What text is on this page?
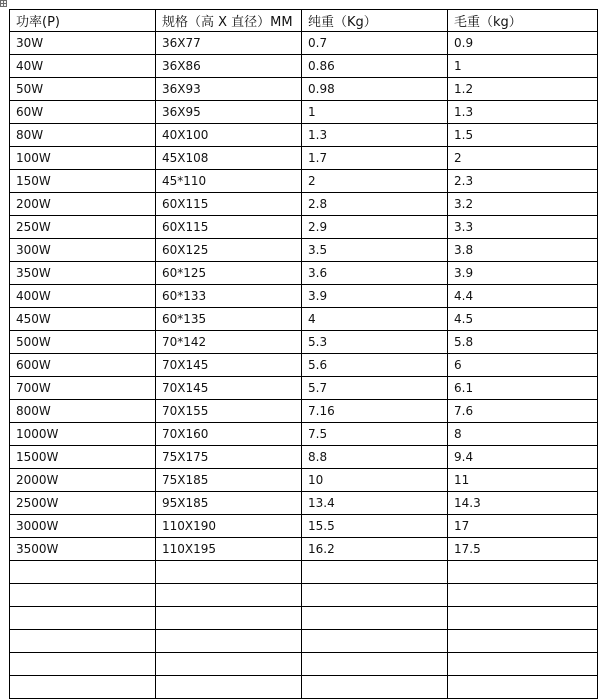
功率(P)	规格（高 X 直径）MM	纯重（Kg）	毛重（kg）
30W	36X77	0.7	0.9
40W	36X86	0.86	1
50W	36X93	0.98	1.2
60W	36X95	1	1.3
80W	40X100	1.3	1.5
100W	45X108	1.7	2
150W	45*110	2	2.3
200W	60X115	2.8	3.2
250W	60X115	2.9	3.3
300W	60X125	3.5	3.8
350W	60*125	3.6	3.9
400W	60*133	3.9	4.4
450W	60*135	4	4.5
500W	70*142	5.3	5.8
600W	70X145	5.6	6
700W	70X145	5.7	6.1
800W	70X155	7.16	7.6
1000W	70X160	7.5	8
1500W	75X175	8.8	9.4
2000W	75X185	10	11
2500W	95X185	13.4	14.3
3000W	110X190	15.5	17
3500W	110X195	16.2	17.5
